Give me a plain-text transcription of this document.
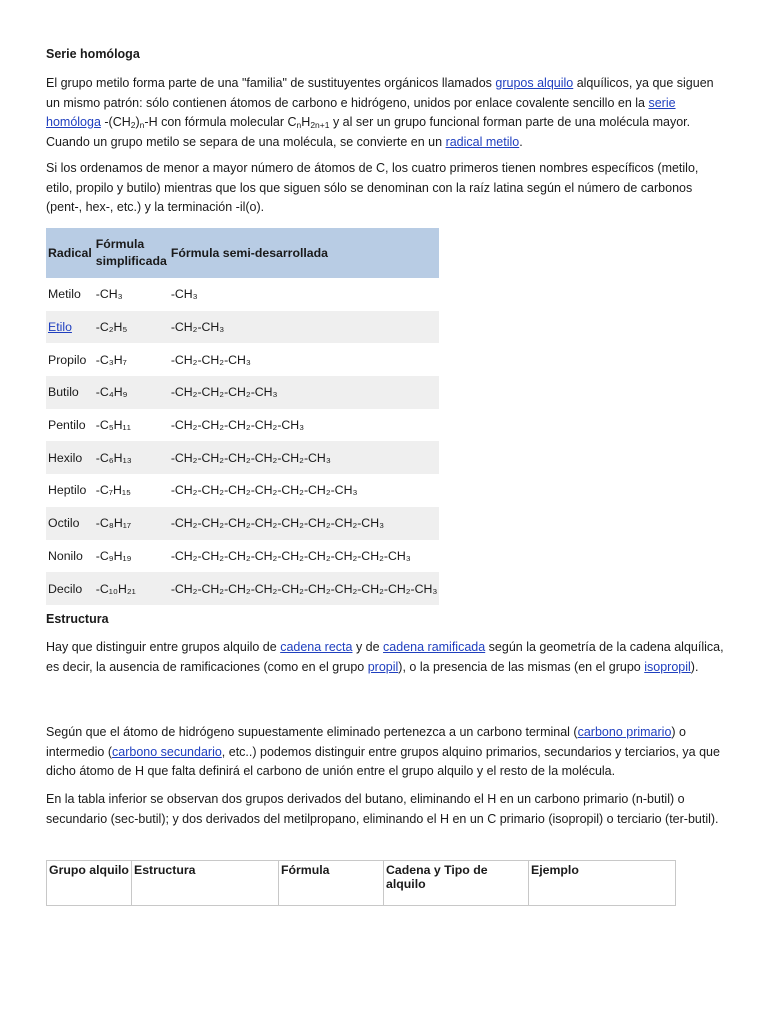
Serie homóloga
El grupo metilo forma parte de una "familia" de sustituyentes orgánicos llamados grupos alquilo alquílicos, ya que siguen un mismo patrón: sólo contienen átomos de carbono e hidrógeno, unidos por enlace covalente sencillo en la serie homóloga $-(CH_2)_n-H$ con fórmula molecular $C_nH_{2n+1}$ y al ser un grupo funcional forman parte de una molécula mayor. Cuando un grupo metilo se separa de una molécula, se convierte en un radical metilo.
Si los ordenamos de menor a mayor número de átomos de C, los cuatro primeros tienen nombres específicos (metilo, etilo, propilo y butilo) mientras que los que siguen sólo se denominan con la raíz latina según el número de carbonos (pent-, hex-, etc.) y la terminación -il(o).
Radical	Fórmula simplificada	Fórmula semi-desarrollada
Metilo	-CH₃	-CH₃
Etilo	-C₂H₅	-CH₂-CH₃
Propilo	-C₃H₇	-CH₂-CH₂-CH₃
Butilo	-C₄H₉	-CH₂-CH₂-CH₂-CH₃
Pentilo	-C₅H₁₁	-CH₂-CH₂-CH₂-CH₂-CH₃
Hexilo	-C₆H₁₃	-CH₂-CH₂-CH₂-CH₂-CH₂-CH₃
Heptilo	-C₇H₁₅	-CH₂-CH₂-CH₂-CH₂-CH₂-CH₂-CH₃
Octilo	-C₈H₁₇	-CH₂-CH₂-CH₂-CH₂-CH₂-CH₂-CH₂-CH₃
Nonilo	-C₉H₁₉	-CH₂-CH₂-CH₂-CH₂-CH₂-CH₂-CH₂-CH₂-CH₃
Decilo	-C₁₀H₂₁	-CH₂-CH₂-CH₂-CH₂-CH₂-CH₂-CH₂-CH₂-CH₂-CH₃
Estructura
Hay que distinguir entre grupos alquilo de cadena recta y de cadena ramificada según la geometría de la cadena alquílica, es decir, la ausencia de ramificaciones (como en el grupo propil), o la presencia de las mismas (en el grupo isopropil).
Según que el átomo de hidrógeno supuestamente eliminado pertenezca a un carbono terminal (carbono primario) o intermedio (carbono secundario, etc..) podemos distinguir entre grupos alquino primarios, secundarios y terciarios, ya que dicho átomo de H que falta definirá el carbono de unión entre el grupo alquilo y el resto de la molécula.
En la tabla inferior se observan dos grupos derivados del butano, eliminando el H en un carbono primario (n-butil) o secundario (sec-butil); y dos derivados del metilpropano, eliminando el H en un C primario (isopropil) o terciario (ter-butil).
Grupo alquilo	Estructura	Fórmula	Cadena y Tipo de alquilo	Ejemplo
